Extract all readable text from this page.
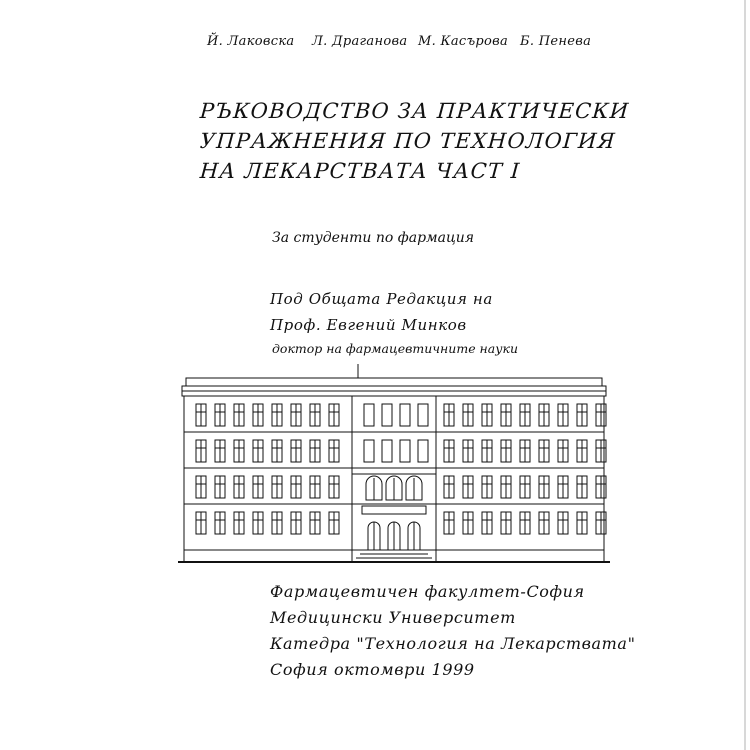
Й. Лаковска Л. Драганова М. Касърова Б. Пенева
РЪКОВОДСТВО ЗА ПРАКТИЧЕСКИ
УПРАЖНЕНИЯ ПО ТЕХНОЛОГИЯ
НА ЛЕКАРСТВАТА ЧАСТ I
За студенти по фармация
Под Общата Редакция на
Проф. Евгений Минков
доктор на фармацевтичните науки
Фармацевтичен факултет-София
Медицински Университет
Катедра "Технология на Лекарствата"
София октомври 1999
